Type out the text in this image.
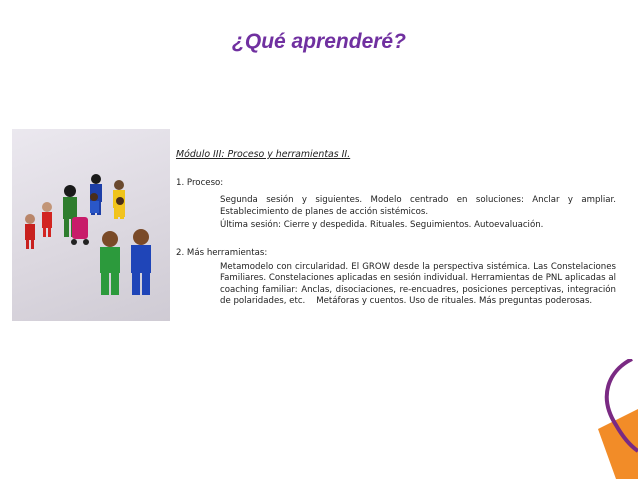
¿Qué aprenderé?
Módulo III: Proceso y herramientas II.
1. Proceso:

Segunda sesión y siguientes. Modelo centrado en soluciones: Anclar y ampliar. Establecimiento de planes de acción sistémicos.

Última sesión: Cierre y despedida. Rituales. Seguimientos. Autoevaluación.

2. Más herramientas:

Metamodelo con circularidad. El GROW desde la perspectiva sistémica. Las Constelaciones Familiares. Constelaciones aplicadas en sesión individual. Herramientas de PNL aplicadas al coaching familiar: Anclas, disociaciones, re-encuadres, posiciones perceptivas, integración de polaridades, etc.    Metáforas y cuentos. Uso de rituales. Más preguntas poderosas.
